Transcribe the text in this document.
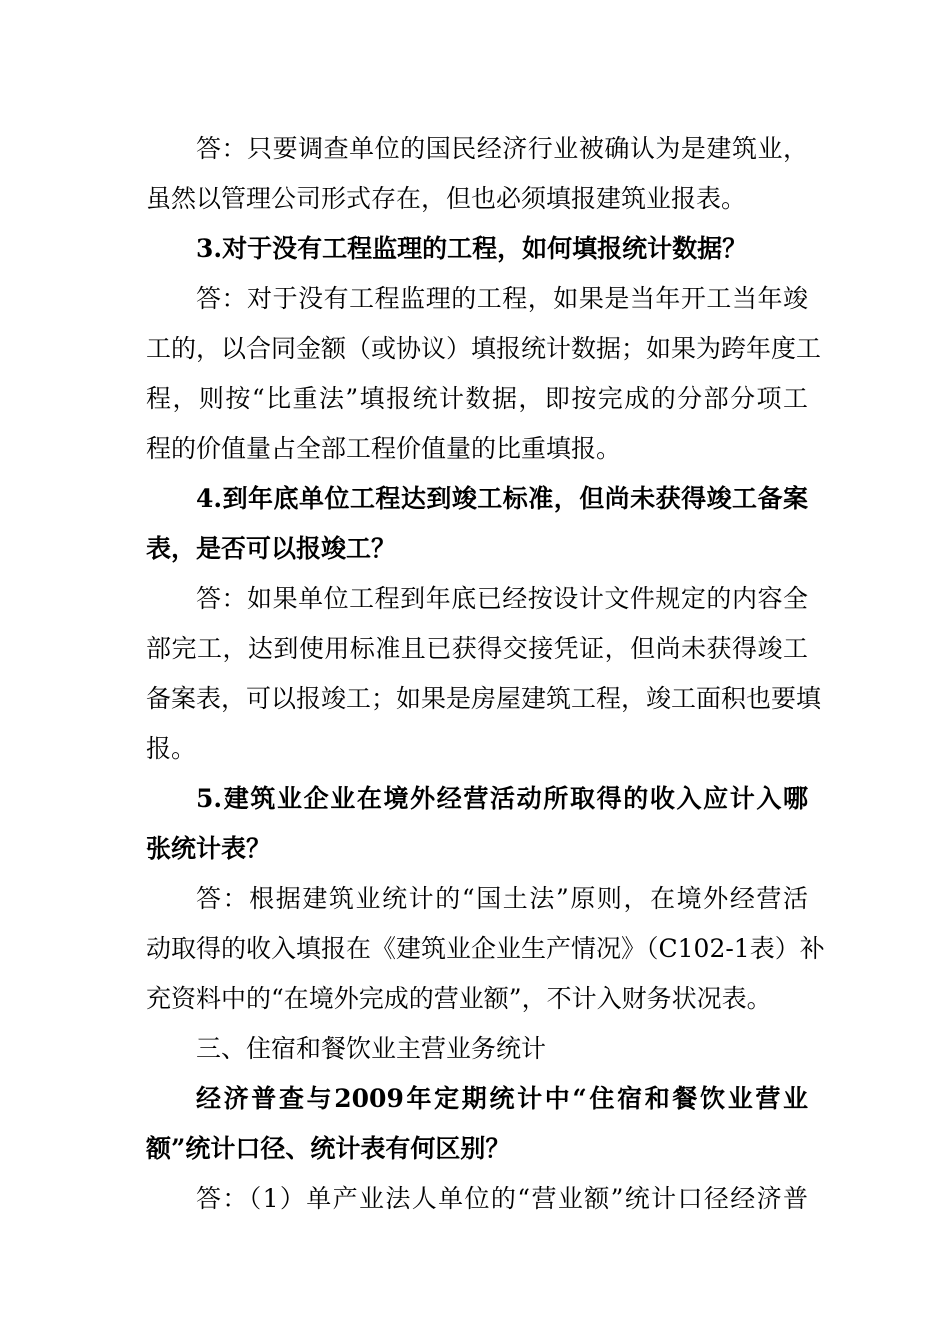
答：只要调查单位的国民经济行业被确认为是建筑业，
虽然以管理公司形式存在，但也必须填报建筑业报表。
3.对于没有工程监理的工程，如何填报统计数据？
答：对于没有工程监理的工程，如果是当年开工当年竣
工的，以合同金额（或协议）填报统计数据；如果为跨年度工
程，则按“比重法”填报统计数据，即按完成的分部分项工
程的价值量占全部工程价值量的比重填报。
4.到年底单位工程达到竣工标准，但尚未获得竣工备案
表，是否可以报竣工？
答：如果单位工程到年底已经按设计文件规定的内容全
部完工，达到使用标准且已获得交接凭证，但尚未获得竣工
备案表，可以报竣工；如果是房屋建筑工程，竣工面积也要填
报。
5.建筑业企业在境外经营活动所取得的收入应计入哪
张统计表？
答：根据建筑业统计的“国土法”原则，在境外经营活
动取得的收入填报在《建筑业企业生产情况》（C102-1表）补
充资料中的“在境外完成的营业额”，不计入财务状况表。
三、住宿和餐饮业主营业务统计
经济普查与2009年定期统计中“住宿和餐饮业营业
额”统计口径、统计表有何区别？
答：（1）单产业法人单位的“营业额”统计口径经济普
